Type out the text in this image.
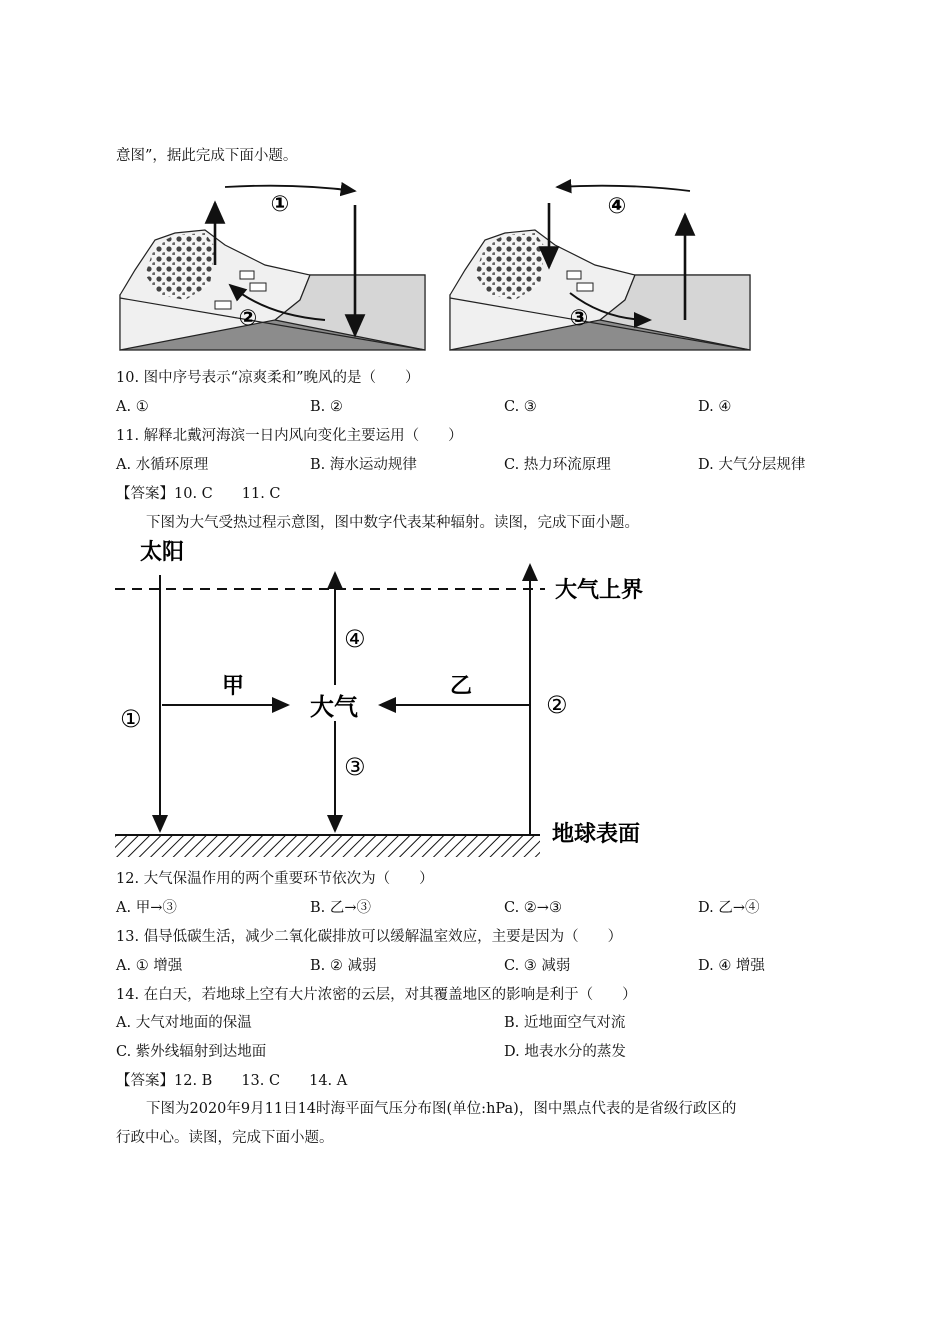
意图”，据此完成下面小题。
①
②
④
③
10. 图中序号表示“凉爽柔和”晚风的是（　　）
A. ①	B. ②	C. ③	D. ④
11. 解释北戴河海滨一日内风向变化主要运用（　　）
A. 水循环原理	B. 海水运动规律	C. 热力环流原理	D. 大气分层规律
【答案】10. C　　11. C
下图为大气受热过程示意图，图中数字代表某种辐射。读图，完成下面小题。
太阳
大气上界
地球表面
①
甲
大气
④
③
乙
②
12. 大气保温作用的两个重要环节依次为（　　）
A. 甲→③	B. 乙→③	C. ②→③	D. 乙→④
13. 倡导低碳生活，减少二氧化碳排放可以缓解温室效应，主要是因为（　　）
A. ① 增强	B. ② 减弱	C. ③ 减弱	D. ④ 增强
14. 在白天，若地球上空有大片浓密的云层，对其覆盖地区的影响是利于（　　）
A. 大气对地面的保温	B. 近地面空气对流
C. 紫外线辐射到达地面	D. 地表水分的蒸发
【答案】12. B　　13. C　　14. A
下图为2020年9月11日14时海平面气压分布图(单位:hPa)，图中黑点代表的是省级行政区的
行政中心。读图，完成下面小题。
